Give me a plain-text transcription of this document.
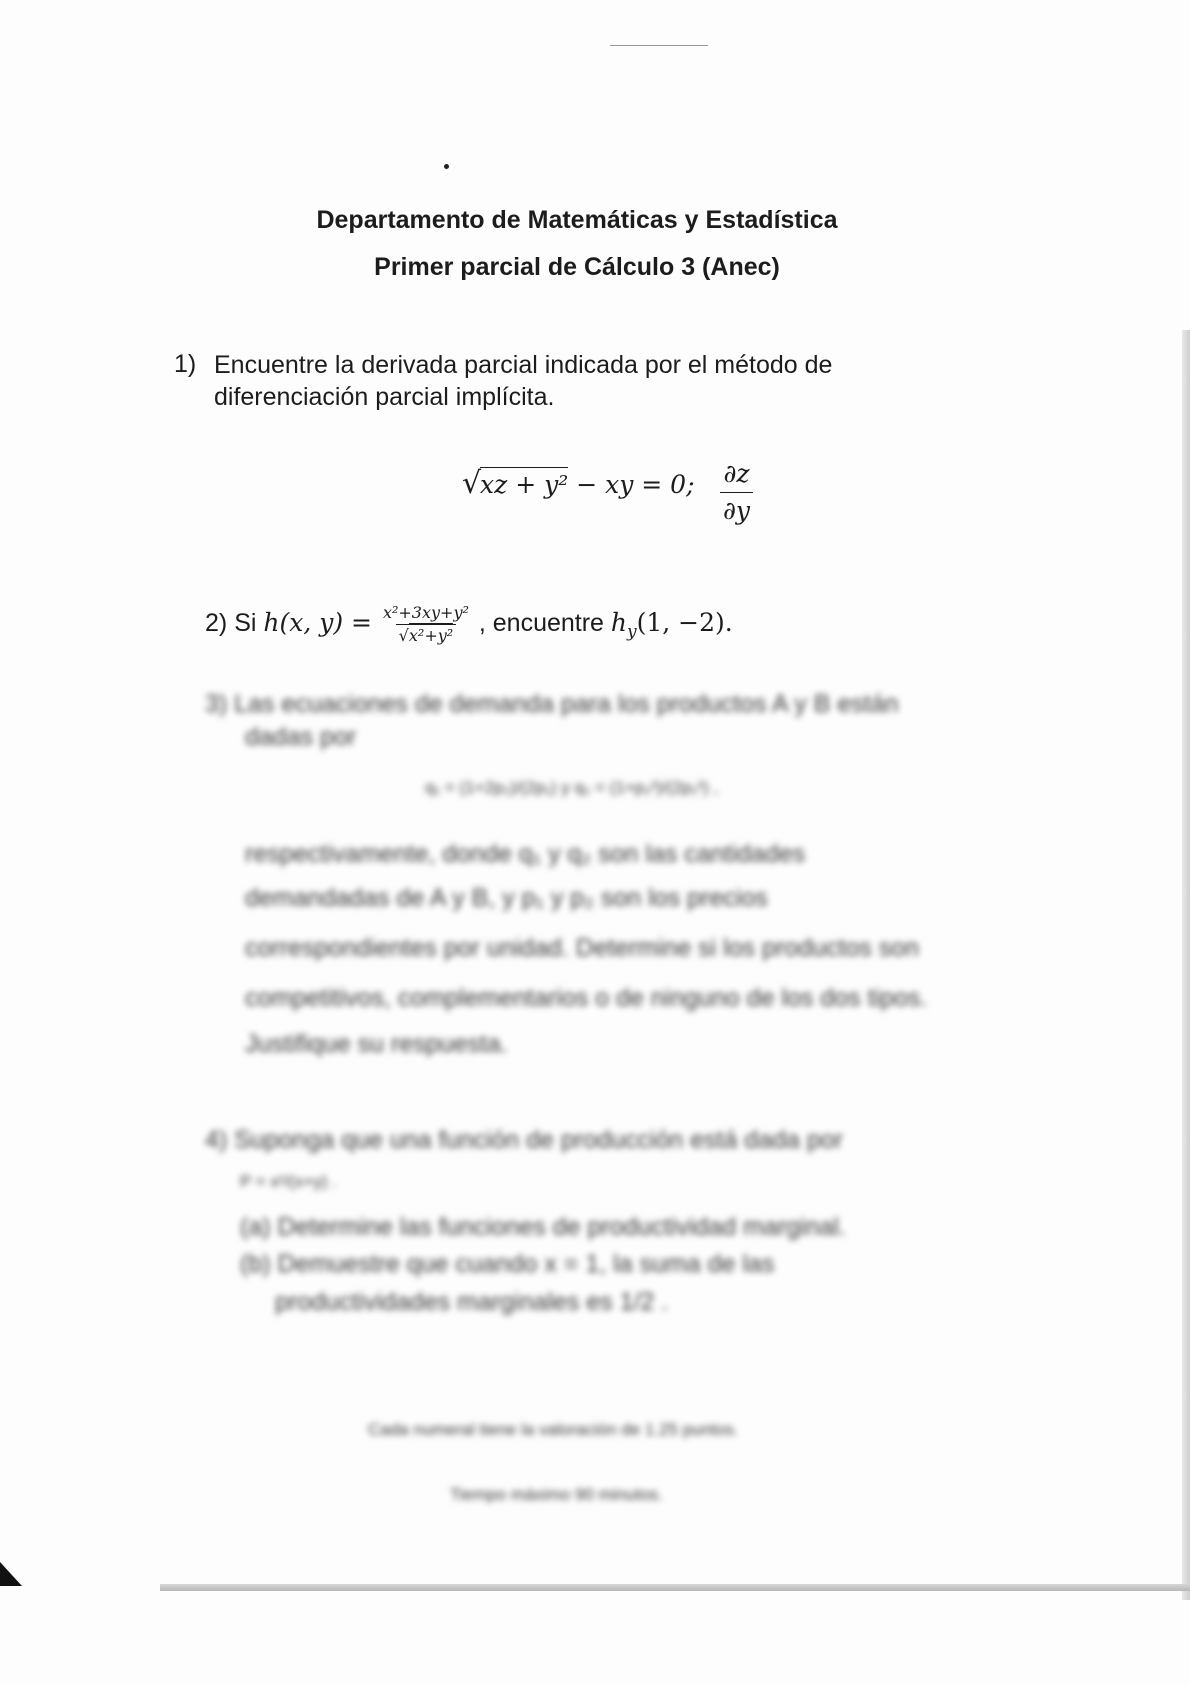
Departamento de Matemáticas y Estadística
Primer parcial de Cálculo 3 (Anec)
1) Encuentre la derivada parcial indicada por el método de
diferenciación parcial implícita.
√ xz + y² − xy = 0; $\frac{\partial z}{\partial y}$
2) Si h(x, $y) = \frac{\text{x²+3xy+y²}}{\text{√x²+y²}}$ , encuentre $h_y(1$, −2).
3) Las ecuaciones de demanda para los productos A y B están
dadas por
q₁ = (1+2p₂)/(2p₁) y q₂ = (1+p₂²)/(2p₁²) ,
respectivamente, donde q₁ y q₂ son las cantidades
demandadas de A y B, y p₁ y p₂ son los precios
correspondientes por unidad. Determine si los productos son
competitivos, complementarios o de ninguno de los dos tipos.
Justifique su respuesta.
4) Suponga que una función de producción está dada por
P = x²/(x+y) .
(a) Determine las funciones de productividad marginal.
(b) Demuestre que cuando x = 1, la suma de las
productividades marginales es 1/2 .
Cada numeral tiene la valoración de 1.25 puntos.
Tiempo máximo 90 minutos.
